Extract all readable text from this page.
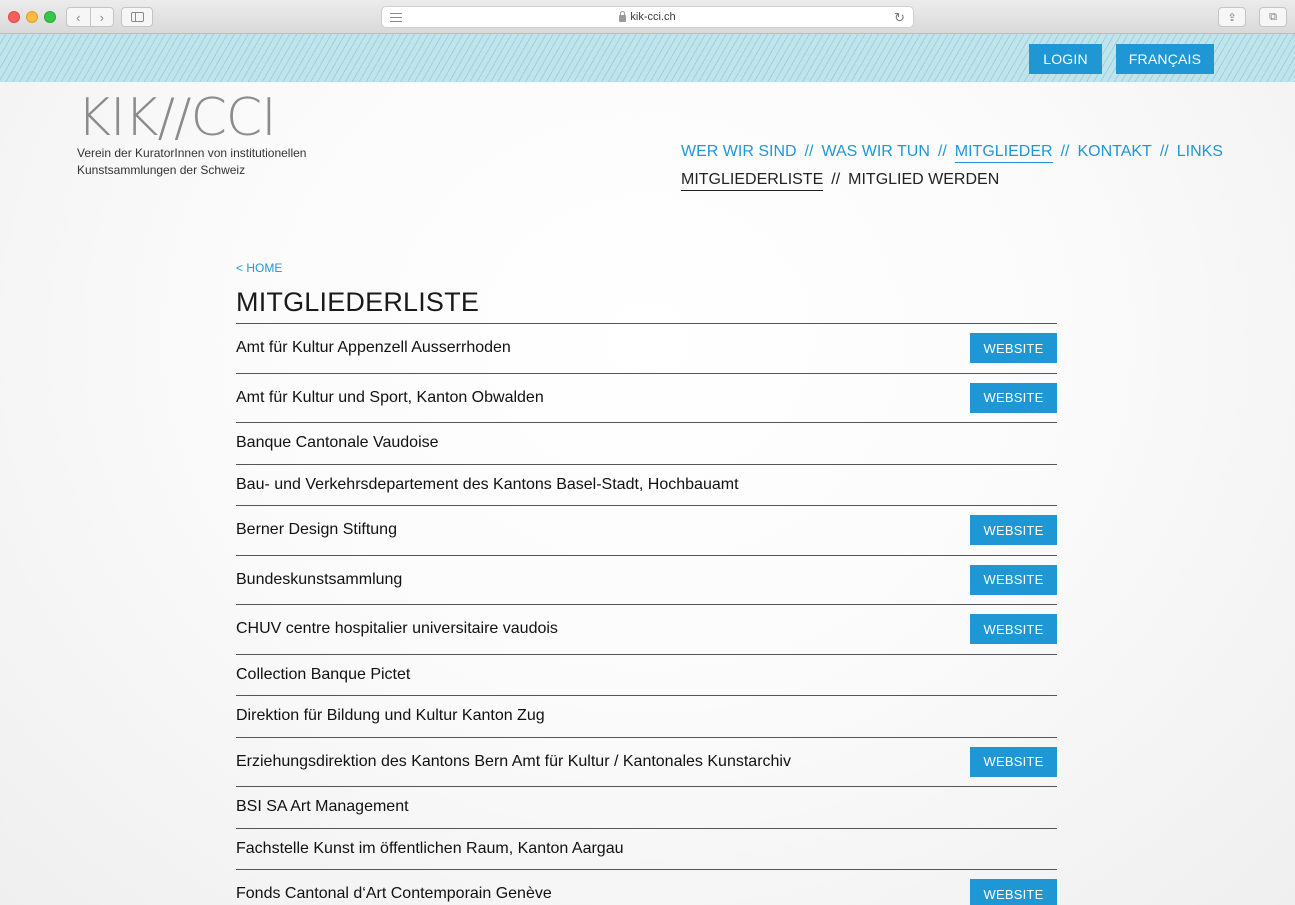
‹	›	kik-cci.ch	↻	⇪	⧉
LOGIN	FRANÇAIS
KIK//CCI
Verein der KuratorInnen von institutionellen
Kunstsammlungen der Schweiz
WER WIR SIND // WAS WIR TUN // MITGLIEDER // KONTAKT // LINKS
MITGLIEDERLISTE // MITGLIED WERDEN
< HOME
MITGLIEDERLISTE
Amt für Kultur Appenzell Ausserrhoden	WEBSITE
Amt für Kultur und Sport, Kanton Obwalden	WEBSITE
Banque Cantonale Vaudoise
Bau- und Verkehrsdepartement des Kantons Basel-Stadt, Hochbauamt
Berner Design Stiftung	WEBSITE
Bundeskunstsammlung	WEBSITE
CHUV centre hospitalier universitaire vaudois	WEBSITE
Collection Banque Pictet
Direktion für Bildung und Kultur Kanton Zug
Erziehungsdirektion des Kantons Bern Amt für Kultur / Kantonales Kunstarchiv	WEBSITE
BSI SA Art Management
Fachstelle Kunst im öffentlichen Raum, Kanton Aargau
Fonds Cantonal d‘Art Contemporain Genève	WEBSITE
